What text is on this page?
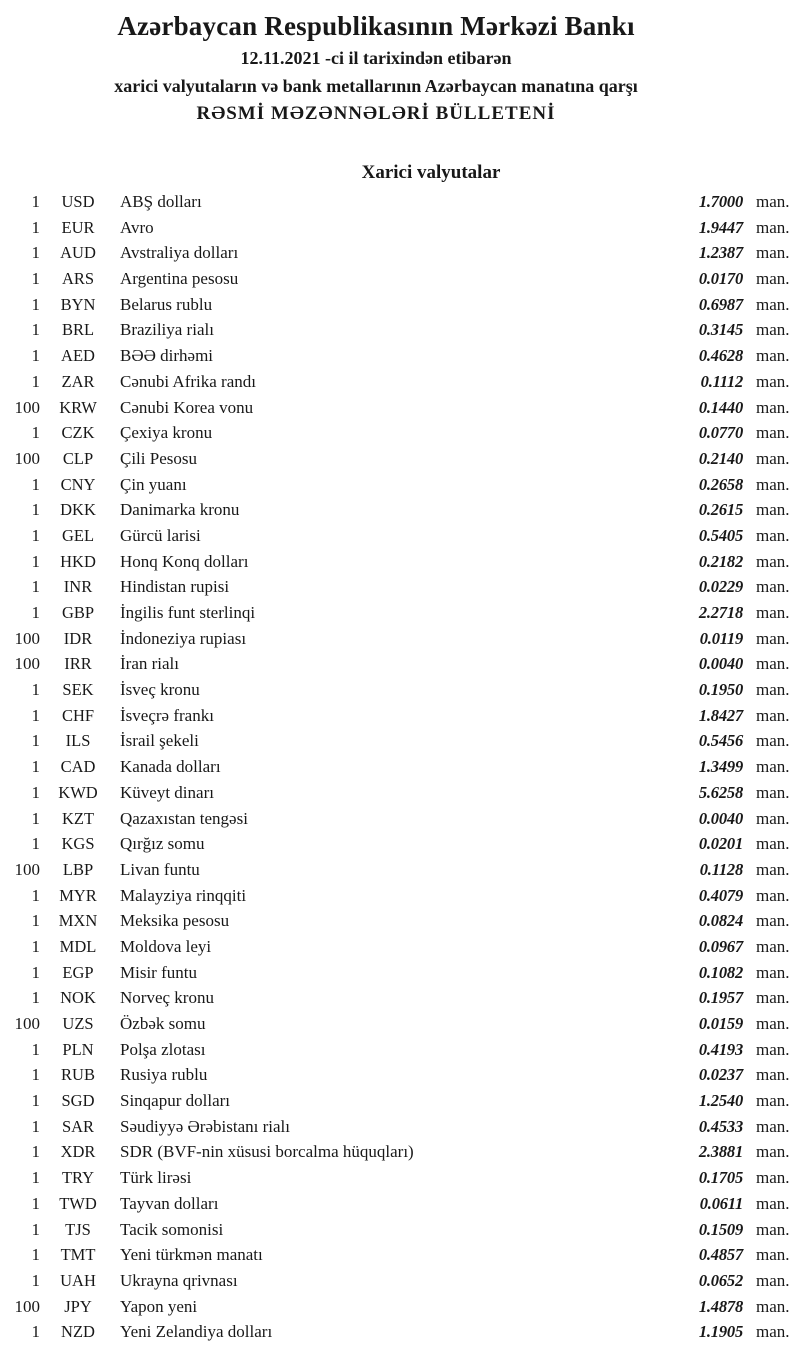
Azərbaycan Respublikasının Mərkəzi Bankı
12.11.2021 -ci il tarixindən etibarən
xarici valyutaların və bank metallarının Azərbaycan manatına qarşı
RƏSMİ MƏZƏNNƏLƏRİ BÜLLETENİ
Xarici valyutalar
1	USD	ABŞ dolları	1.7000 man.
1	EUR	Avro	1.9447 man.
1	AUD	Avstraliya dolları	1.2387 man.
1	ARS	Argentina pesosu	0.0170 man.
1	BYN	Belarus rublu	0.6987 man.
1	BRL	Braziliya rialı	0.3145 man.
1	AED	BƏƏ dirhəmi	0.4628 man.
1	ZAR	Cənubi Afrika randı	0.1112 man.
100	KRW	Cənubi Korea vonu	0.1440 man.
1	CZK	Çexiya kronu	0.0770 man.
100	CLP	Çili Pesosu	0.2140 man.
1	CNY	Çin yuanı	0.2658 man.
1	DKK	Danimarka kronu	0.2615 man.
1	GEL	Gürcü larisi	0.5405 man.
1	HKD	Honq Konq dolları	0.2182 man.
1	INR	Hindistan rupisi	0.0229 man.
1	GBP	İngilis funt sterlinqi	2.2718 man.
100	IDR	İndoneziya rupiası	0.0119 man.
100	IRR	İran rialı	0.0040 man.
1	SEK	İsveç kronu	0.1950 man.
1	CHF	İsveçrə frankı	1.8427 man.
1	ILS	İsrail şekeli	0.5456 man.
1	CAD	Kanada dolları	1.3499 man.
1	KWD	Küveyt dinarı	5.6258 man.
1	KZT	Qazaxıstan tengəsi	0.0040 man.
1	KGS	Qırğız somu	0.0201 man.
100	LBP	Livan funtu	0.1128 man.
1	MYR	Malayziya rinqqiti	0.4079 man.
1	MXN	Meksika pesosu	0.0824 man.
1	MDL	Moldova leyi	0.0967 man.
1	EGP	Misir funtu	0.1082 man.
1	NOK	Norveç kronu	0.1957 man.
100	UZS	Özbək somu	0.0159 man.
1	PLN	Polşa zlotası	0.4193 man.
1	RUB	Rusiya rublu	0.0237 man.
1	SGD	Sinqapur dolları	1.2540 man.
1	SAR	Səudiyyə Ərəbistanı rialı	0.4533 man.
1	XDR	SDR (BVF-nin xüsusi borcalma hüquqları)	2.3881 man.
1	TRY	Türk lirəsi	0.1705 man.
1	TWD	Tayvan dolları	0.0611 man.
1	TJS	Tacik somonisi	0.1509 man.
1	TMT	Yeni türkmən manatı	0.4857 man.
1	UAH	Ukrayna qrivnası	0.0652 man.
100	JPY	Yapon yeni	1.4878 man.
1	NZD	Yeni Zelandiya dolları	1.1905 man.
